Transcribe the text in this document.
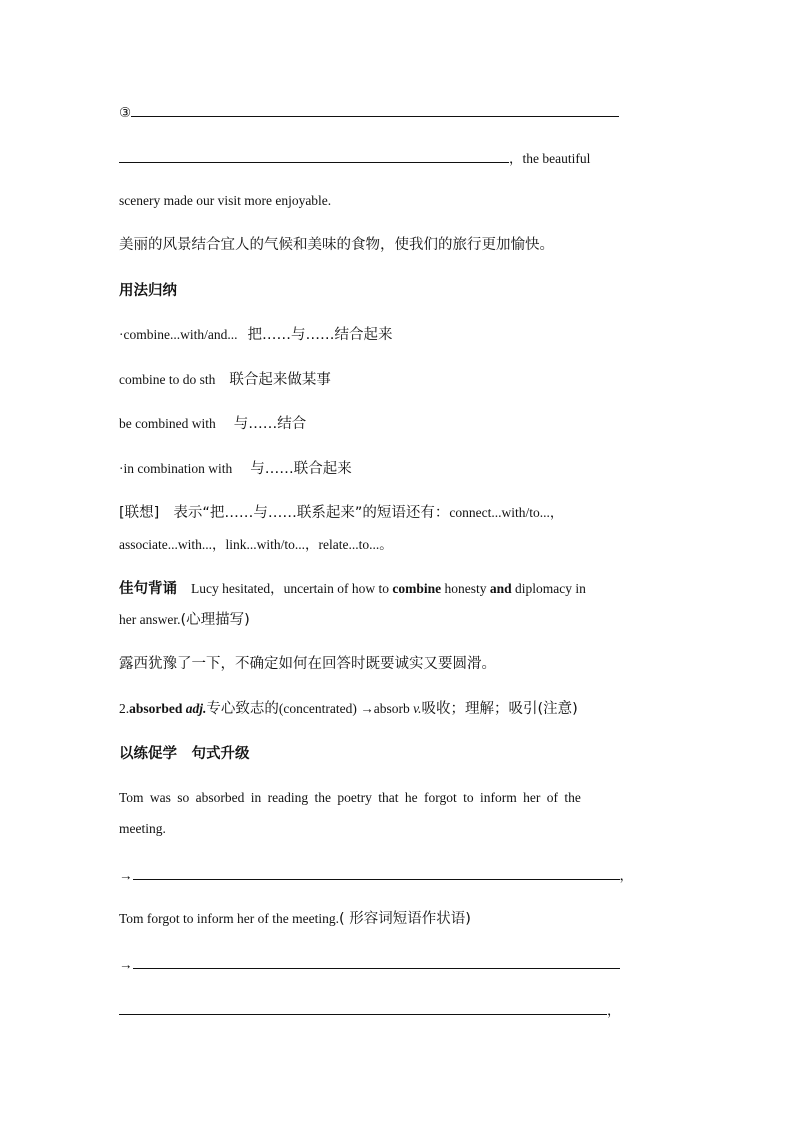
③
，the beautiful
scenery made our visit more enjoyable.
美丽的风景结合宜人的气候和美味的食物，使我们的旅行更加愉快。
用法归纳
·combine...with/and... 把……与……结合起来
combine to do sth 联合起来做某事
be combined with 与……结合
·in combination with 与……联合起来
[联想] 表示“把……与……联系起来”的短语还有：connect...with/to...，
associate...with...，link...with/to...，relate...to...。
佳句背诵 Lucy hesitated，uncertain of how to combine honesty and diplomacy in
her answer.(心理描写)
露西犹豫了一下，不确定如何在回答时既要诚实又要圆滑。
2.absorbed adj.专心致志的(concentrated) →absorb v.吸收；理解；吸引(注意)
以练促学　句式升级
Tom was so absorbed in reading the poetry that he forgot to inform her of the
meeting.
→	，
Tom forgot to inform her of the meeting.( 形容词短语作状语)
→
，
